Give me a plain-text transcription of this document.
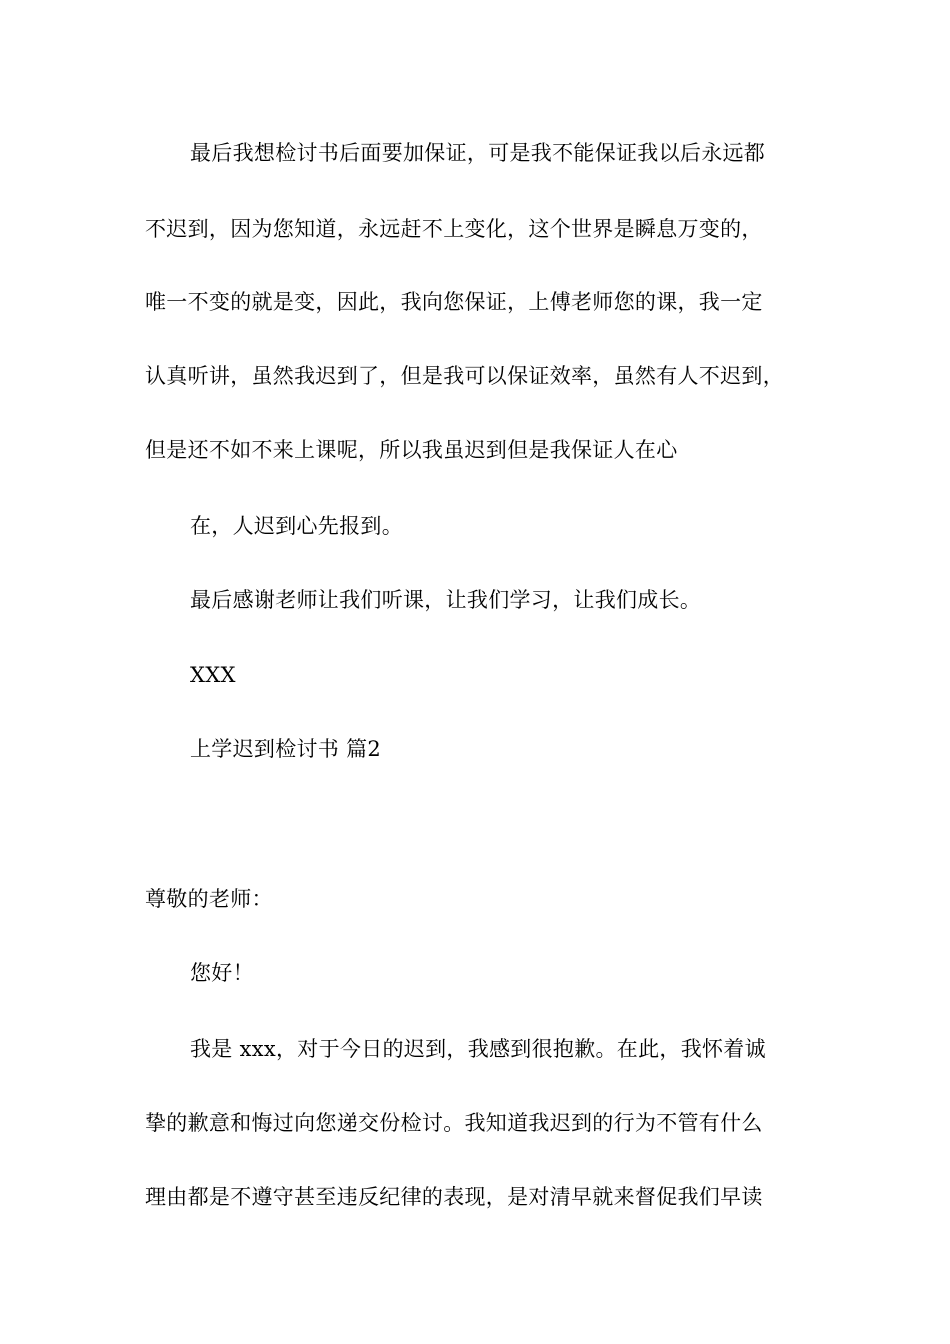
最后我想检讨书后面要加保证，可是我不能保证我以后永远都
不迟到，因为您知道，永远赶不上变化，这个世界是瞬息万变的，
唯一不变的就是变，因此，我向您保证，上傅老师您的课，我一定
认真听讲，虽然我迟到了，但是我可以保证效率，虽然有人不迟到，
但是还不如不来上课呢，所以我虽迟到但是我保证人在心
在，人迟到心先报到。
最后感谢老师让我们听课，让我们学习，让我们成长。
XXX
上学迟到检讨书 篇2
尊敬的老师：
您好！
我是 xxx，对于今日的迟到，我感到很抱歉。在此，我怀着诚
挚的歉意和悔过向您递交份检讨。我知道我迟到的行为不管有什么
理由都是不遵守甚至违反纪律的表现，是对清早就来督促我们早读
